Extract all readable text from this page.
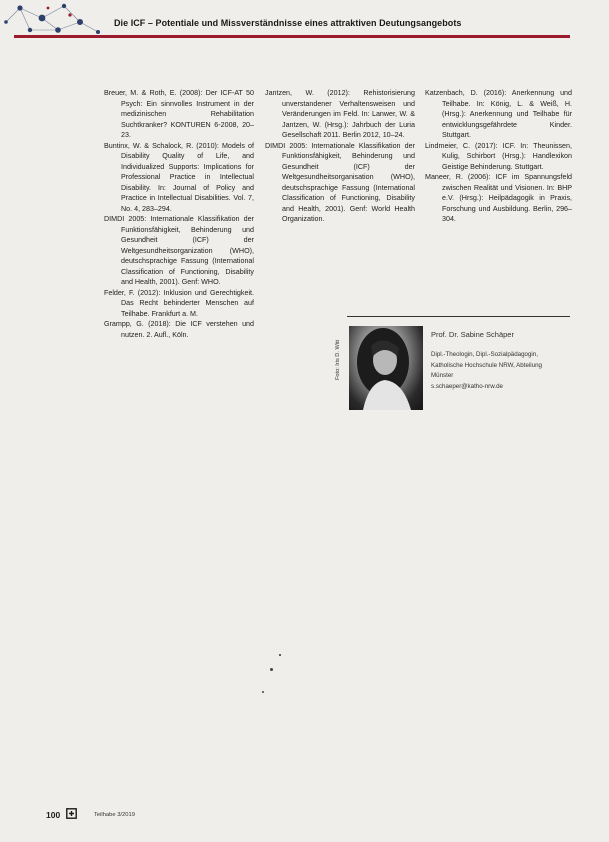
Die ICF – Potentiale und Missverständnisse eines attraktiven Deutungsangebots

Breuer, M. & Roth, E. (2008): Der ICF-AT 50 Psych: Ein sinnvolles Instrument in der medizinischen Rehabilitation Suchtkranker? KONTUREN 6-2008, 20–23.

Buntinx, W. & Schalock, R. (2010): Models of Disability Quality of Life, and Individualized Supports: Implications for Professional Practice in Intellectual Disability. In: Journal of Policy and Practice in Intellectual Disabilities. Vol. 7, No. 4, 283–294.

DIMDI 2005: Internationale Klassifikation der Funktionsfähigkeit, Behinderung und Gesundheit (ICF) der Weltgesundheitsorganization (WHO), deutschsprachige Fassung (International Classification of Functioning, Disability and Health, 2001). Genf: WHO.

Felder, F. (2012): Inklusion und Gerechtigkeit. Das Recht behinderter Menschen auf Teilhabe. Frankfurt a. M.

Grampp, G. (2018): Die ICF verstehen und nutzen. 2. Aufl., Köln.

Jantzen, W. (2012): Rehistorisierung unverstandener Verhaltensweisen und Veränderungen im Feld. In: Lanwer, W. & Jantzen, W. (Hrsg.): Jahrbuch der Luria Gesellschaft 2011. Berlin 2012, 10–24.

DIMDI 2005: Internationale Klassifikation der Funktionsfähigkeit, Behinderung und Gesundheit (ICF) der Weltgesundheitsorganisation (WHO), deutschsprachige Fassung (International Classification of Functioning, Disability and Health, 2001). Genf: World Health Organization.

Katzenbach, D. (2016): Anerkennung und Teilhabe. In: König, L. & Weiß, H. (Hrsg.): Anerkennung und Teilhabe für entwicklungsgefährdete Kinder. Stuttgart.

Lindmeier, C. (2017): ICF. In: Theunissen, Kulig, Schirbort (Hrsg.): Handlexikon Geistige Behinderung. Stuttgart.

Maneer, R. (2006): ICF im Spannungsfeld zwischen Realität und Visionen. In: BHP e.V. (Hrsg.): Heilpädagogik in Praxis, Forschung und Ausbildung. Berlin, 296–304.

Foto: Iris D. Witt
Prof. Dr. Sabine Schäper
Dipl.-Theologin, Dipl.-Sozialpädagogin,
Katholische Hochschule NRW, Abteilung
Münster
s.schaeper@katho-nrw.de
100	Teilhabe 3/2019
